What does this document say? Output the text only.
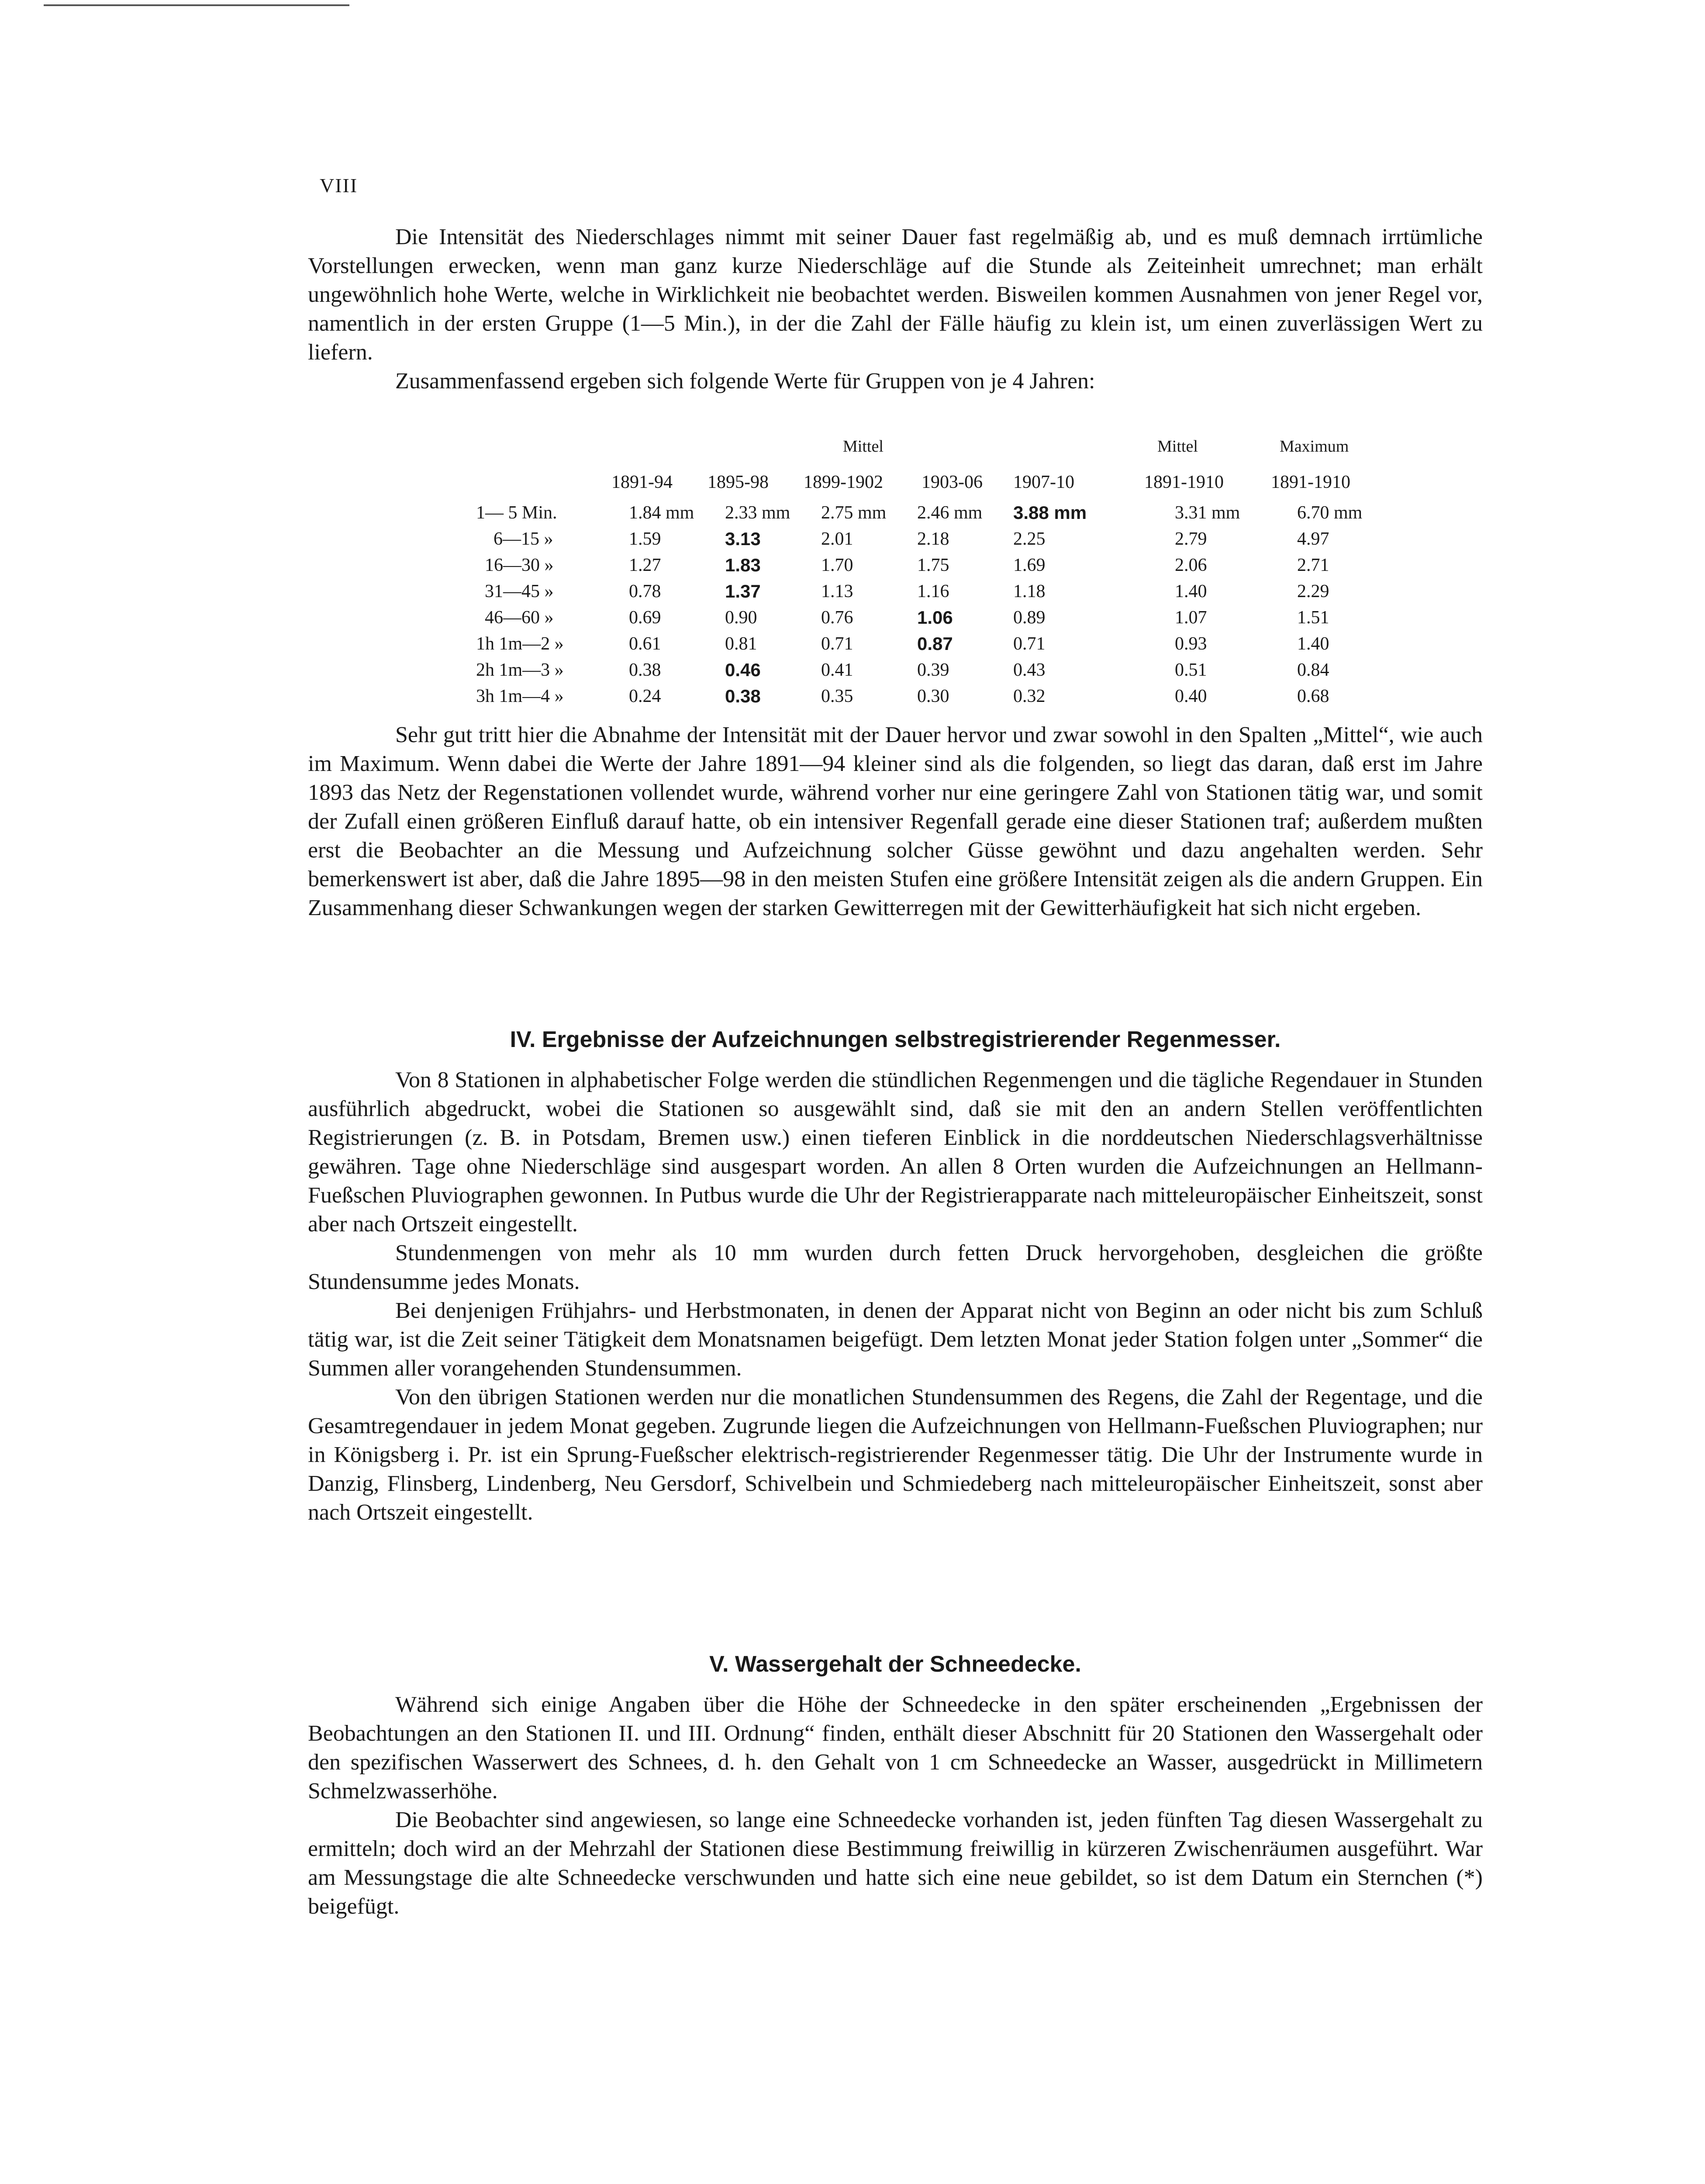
VIII

Die Intensität des Niederschlages nimmt mit seiner Dauer fast regelmäßig ab, und es muß demnach irrtümliche Vorstellungen erwecken, wenn man ganz kurze Niederschläge auf die Stunde als Zeiteinheit umrechnet; man erhält ungewöhnlich hohe Werte, welche in Wirklichkeit nie beobachtet werden. Bisweilen kommen Ausnahmen von jener Regel vor, namentlich in der ersten Gruppe (1—5 Min.), in der die Zahl der Fälle häufig zu klein ist, um einen zuverlässigen Wert zu liefern.

Zusammenfassend ergeben sich folgende Werte für Gruppen von je 4 Jahren:

Mittel	Mittel	Maximum
1891-94 1895-98 1899-1902 1903-06 1907-10	1891-1910	1891-1910
1— 5 Min.	1.84 mm 2.33 mm 2.75 mm 2.46 mm 3.88 mm	3.31 mm	6.70 mm
6—15 »	1.59	3.13	2.01	2.18	2.25	2.79	4.97
16—30 »	1.27	1.83	1.70	1.75	1.69	2.06	2.71
31—45 »	0.78	1.37	1.13	1.16	1.18	1.40	2.29
46—60 »	0.69	0.90	0.76	1.06	0.89	1.07	1.51
1h 1m—2 »	0.61	0.81	0.71	0.87	0.71	0.93	1.40
2h 1m—3 »	0.38	0.46	0.41	0.39	0.43	0.51	0.84
3h 1m—4 »	0.24	0.38	0.35	0.30	0.32	0.40	0.68

Sehr gut tritt hier die Abnahme der Intensität mit der Dauer hervor und zwar sowohl in den Spalten „Mittel“, wie auch im Maximum. Wenn dabei die Werte der Jahre 1891—94 kleiner sind als die folgenden, so liegt das daran, daß erst im Jahre 1893 das Netz der Regenstationen vollendet wurde, während vorher nur eine geringere Zahl von Stationen tätig war, und somit der Zufall einen größeren Einfluß darauf hatte, ob ein intensiver Regenfall gerade eine dieser Stationen traf; außerdem mußten erst die Beobachter an die Messung und Aufzeichnung solcher Güsse gewöhnt und dazu angehalten werden. Sehr bemerkenswert ist aber, daß die Jahre 1895—98 in den meisten Stufen eine größere Intensität zeigen als die andern Gruppen. Ein Zusammenhang dieser Schwankungen wegen der starken Gewitterregen mit der Gewitterhäufigkeit hat sich nicht ergeben.

IV. Ergebnisse der Aufzeichnungen selbstregistrierender Regenmesser.

Von 8 Stationen in alphabetischer Folge werden die stündlichen Regenmengen und die tägliche Regendauer in Stunden ausführlich abgedruckt, wobei die Stationen so ausgewählt sind, daß sie mit den an andern Stellen veröffentlichten Registrierungen (z. B. in Potsdam, Bremen usw.) einen tieferen Einblick in die norddeutschen Niederschlagsverhältnisse gewähren. Tage ohne Niederschläge sind ausgespart worden. An allen 8 Orten wurden die Aufzeichnungen an Hellmann-Fueßschen Pluviographen gewonnen. In Putbus wurde die Uhr der Registrierapparate nach mitteleuropäischer Einheitszeit, sonst aber nach Ortszeit eingestellt.

Stundenmengen von mehr als 10 mm wurden durch fetten Druck hervorgehoben, desgleichen die größte Stundensumme jedes Monats.

Bei denjenigen Frühjahrs- und Herbstmonaten, in denen der Apparat nicht von Beginn an oder nicht bis zum Schluß tätig war, ist die Zeit seiner Tätigkeit dem Monatsnamen beigefügt. Dem letzten Monat jeder Station folgen unter „Sommer“ die Summen aller vorangehenden Stundensummen.

Von den übrigen Stationen werden nur die monatlichen Stundensummen des Regens, die Zahl der Regentage, und die Gesamtregendauer in jedem Monat gegeben. Zugrunde liegen die Aufzeichnungen von Hellmann-Fueßschen Pluviographen; nur in Königsberg i. Pr. ist ein Sprung-Fueßscher elektrisch-registrierender Regenmesser tätig. Die Uhr der Instrumente wurde in Danzig, Flinsberg, Lindenberg, Neu Gersdorf, Schivelbein und Schmiedeberg nach mitteleuropäischer Einheitszeit, sonst aber nach Ortszeit eingestellt.

V. Wassergehalt der Schneedecke.

Während sich einige Angaben über die Höhe der Schneedecke in den später erscheinenden „Ergebnissen der Beobachtungen an den Stationen II. und III. Ordnung“ finden, enthält dieser Abschnitt für 20 Stationen den Wassergehalt oder den spezifischen Wasserwert des Schnees, d. h. den Gehalt von 1 cm Schneedecke an Wasser, ausgedrückt in Millimetern Schmelzwasserhöhe.

Die Beobachter sind angewiesen, so lange eine Schneedecke vorhanden ist, jeden fünften Tag diesen Wassergehalt zu ermitteln; doch wird an der Mehrzahl der Stationen diese Bestimmung freiwillig in kürzeren Zwischenräumen ausgeführt. War am Messungstage die alte Schneedecke verschwunden und hatte sich eine neue gebildet, so ist dem Datum ein Sternchen (*) beigefügt.
